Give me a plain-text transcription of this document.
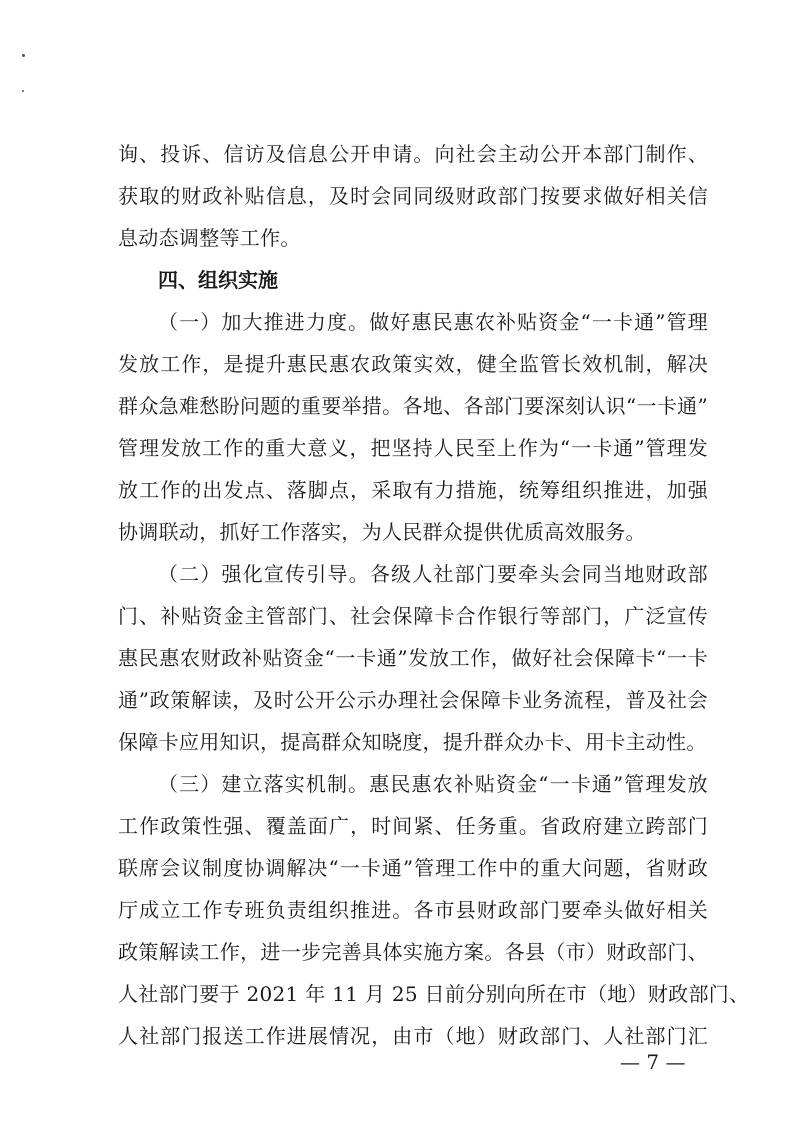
询、投诉、信访及信息公开申请。向社会主动公开本部门制作、
获取的财政补贴信息，及时会同同级财政部门按要求做好相关信
息动态调整等工作。
四、组织实施
（一）加大推进力度。做好惠民惠农补贴资金“一卡通”管理
发放工作，是提升惠民惠农政策实效，健全监管长效机制，解决
群众急难愁盼问题的重要举措。各地、各部门要深刻认识“一卡通”
管理发放工作的重大意义，把坚持人民至上作为“一卡通”管理发
放工作的出发点、落脚点，采取有力措施，统筹组织推进，加强
协调联动，抓好工作落实，为人民群众提供优质高效服务。
（二）强化宣传引导。各级人社部门要牵头会同当地财政部
门、补贴资金主管部门、社会保障卡合作银行等部门，广泛宣传
惠民惠农财政补贴资金“一卡通”发放工作，做好社会保障卡“一卡
通”政策解读，及时公开公示办理社会保障卡业务流程，普及社会
保障卡应用知识，提高群众知晓度，提升群众办卡、用卡主动性。
（三）建立落实机制。惠民惠农补贴资金“一卡通”管理发放
工作政策性强、覆盖面广，时间紧、任务重。省政府建立跨部门
联席会议制度协调解决“一卡通”管理工作中的重大问题，省财政
厅成立工作专班负责组织推进。各市县财政部门要牵头做好相关
政策解读工作，进一步完善具体实施方案。各县（市）财政部门、
人社部门要于 2021 年 11 月 25 日前分别向所在市（地）财政部门、
人社部门报送工作进展情况，由市（地）财政部门、人社部门汇
— 7 —
